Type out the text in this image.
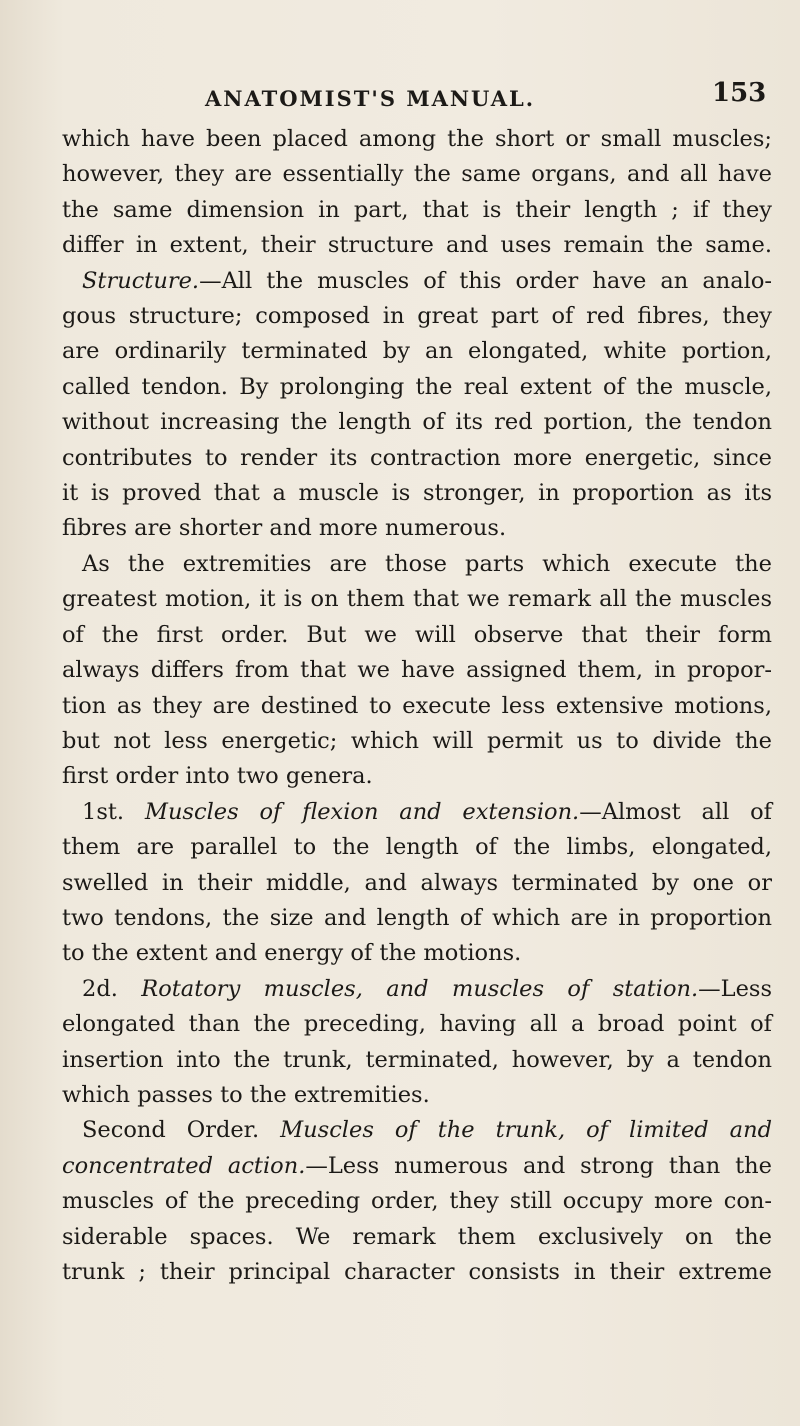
ANATOMIST'S MANUAL.	153
which have been placed among the short or small muscles;
however, they are essentially the same organs, and all have
the same dimension in part, that is their length ; if they
differ in extent, their structure and uses remain the same.
Structure.—All the muscles of this order have an analo-
gous structure; composed in great part of red fibres, they
are ordinarily terminated by an elongated, white portion,
called tendon. By prolonging the real extent of the muscle,
without increasing the length of its red portion, the tendon
contributes to render its contraction more energetic, since
it is proved that a muscle is stronger, in proportion as its
fibres are shorter and more numerous.
As the extremities are those parts which execute the
greatest motion, it is on them that we remark all the muscles
of the first order. But we will observe that their form
always differs from that we have assigned them, in propor-
tion as they are destined to execute less extensive motions,
but not less energetic; which will permit us to divide the
first order into two genera.
1st. Muscles of flexion and extension.—Almost all of
them are parallel to the length of the limbs, elongated,
swelled in their middle, and always terminated by one or
two tendons, the size and length of which are in proportion
to the extent and energy of the motions.
2d. Rotatory muscles, and muscles of station.—Less
elongated than the preceding, having all a broad point of
insertion into the trunk, terminated, however, by a tendon
which passes to the extremities.
Second Order. Muscles of the trunk, of limited and
concentrated action.—Less numerous and strong than the
muscles of the preceding order, they still occupy more con-
siderable spaces. We remark them exclusively on the
trunk ; their principal character consists in their extreme
